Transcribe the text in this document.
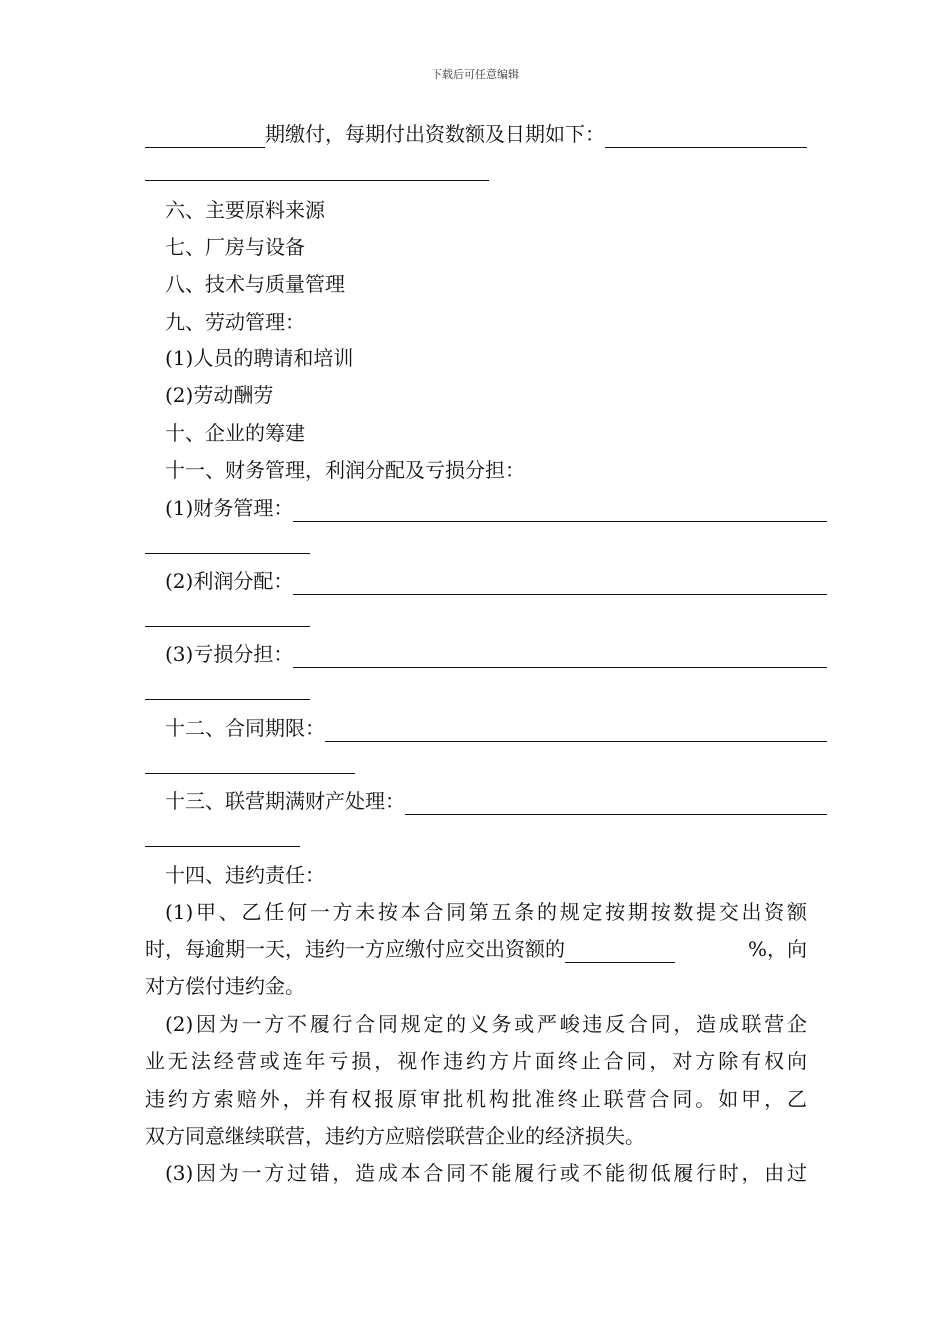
下载后可任意编辑
期缴付，每期付出资数额及日期如下：
六、主要原料来源
七、厂房与设备
八、技术与质量管理
九、劳动管理：
(1)人员的聘请和培训
(2)劳动酬劳
十、企业的筹建
十一、财务管理，利润分配及亏损分担：
(1)财务管理：
(2)利润分配：
(3)亏损分担：
十二、合同期限：
十三、联营期满财产处理：
十四、违约责任：
(1)甲、乙任何一方未按本合同第五条的规定按期按数提交出资额
时，每逾期一天，违约一方应缴付应交出资额的	%，向
对方偿付违约金。
(2)因为一方不履行合同规定的义务或严峻违反合同，造成联营企
业无法经营或连年亏损，视作违约方片面终止合同，对方除有权向
违约方索赔外，并有权报原审批机构批准终止联营合同。如甲，乙
双方同意继续联营，违约方应赔偿联营企业的经济损失。
(3)因为一方过错，造成本合同不能履行或不能彻低履行时，由过
